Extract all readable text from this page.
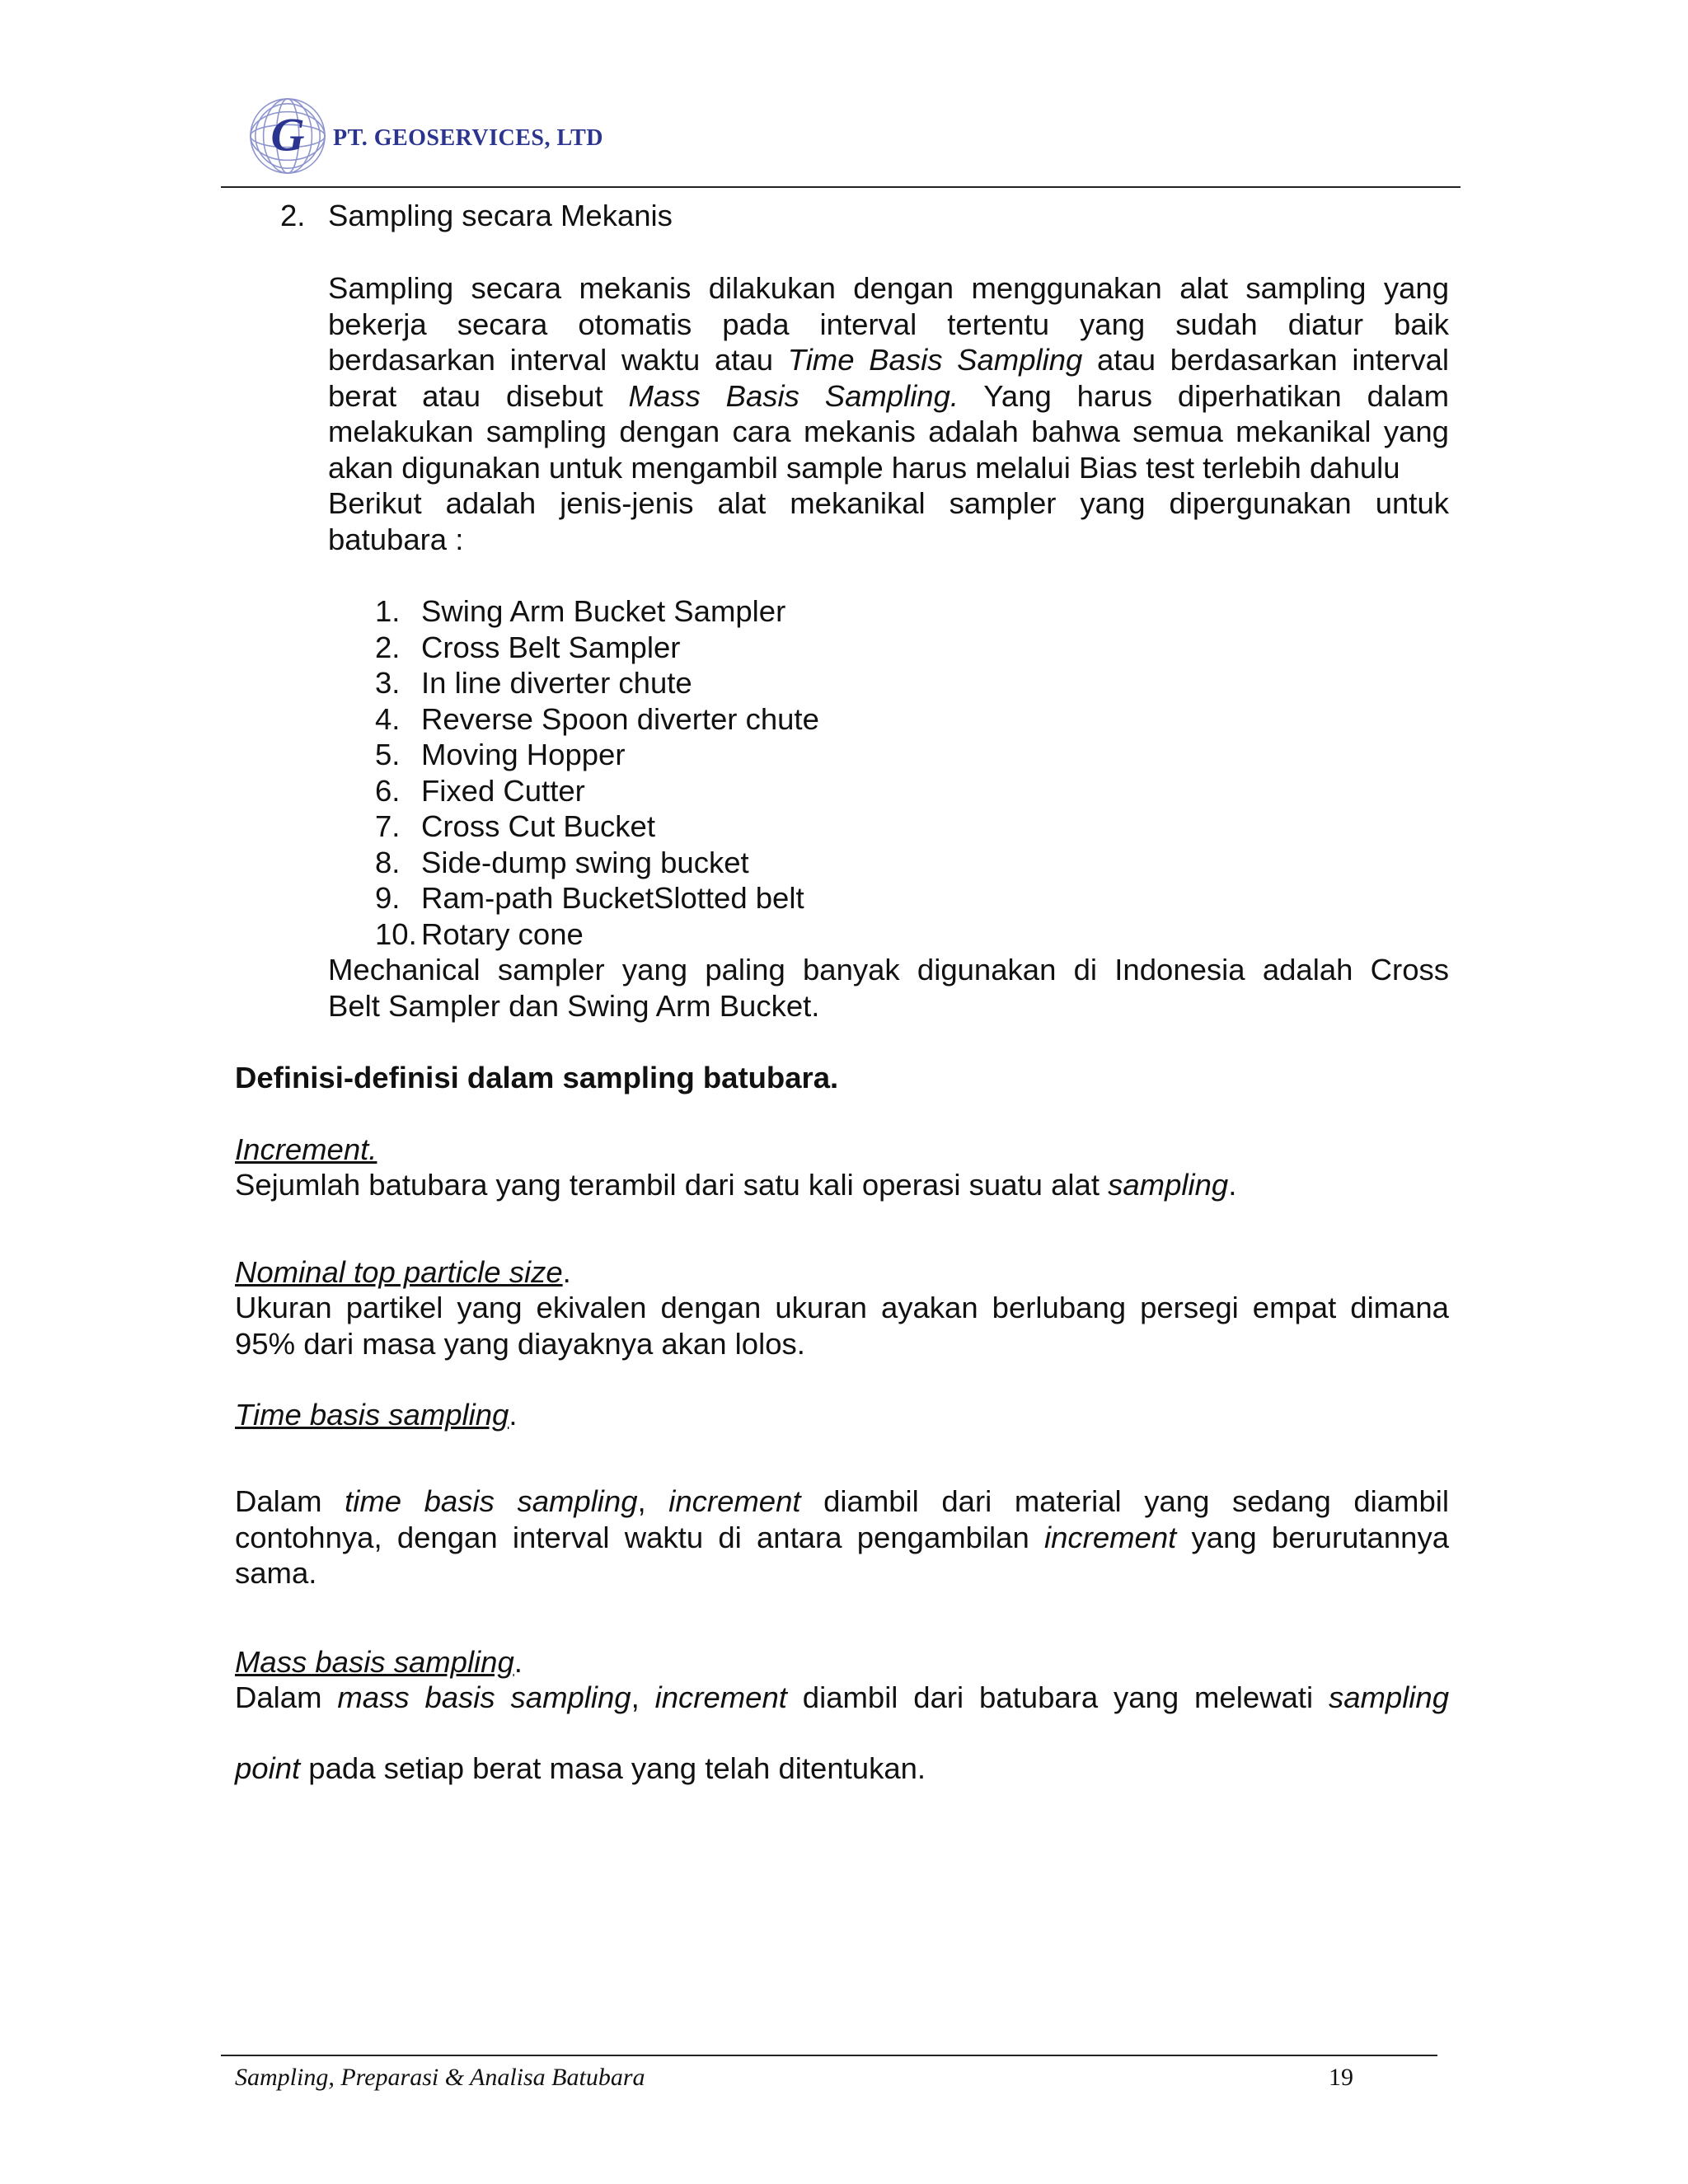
G PT. GEOSERVICES, LTD
2. Sampling secara Mekanis
Sampling secara mekanis dilakukan dengan menggunakan alat sampling yang
bekerja secara otomatis pada interval tertentu yang sudah diatur baik
berdasarkan interval waktu atau Time Basis Sampling atau berdasarkan interval
berat atau disebut Mass Basis Sampling. Yang harus diperhatikan dalam
melakukan sampling dengan cara mekanis adalah bahwa semua mekanikal yang
akan digunakan untuk mengambil sample harus melalui Bias test terlebih dahulu
Berikut adalah jenis-jenis alat mekanikal sampler yang dipergunakan untuk
batubara :
1. Swing Arm Bucket Sampler
2. Cross Belt Sampler
3. In line diverter chute
4. Reverse Spoon diverter chute
5. Moving Hopper
6. Fixed Cutter
7. Cross Cut Bucket
8. Side-dump swing bucket
9. Ram-path BucketSlotted belt
10. Rotary cone
Mechanical sampler yang paling banyak digunakan di Indonesia adalah Cross
Belt Sampler dan Swing Arm Bucket.
Definisi-definisi dalam sampling batubara.
Increment.
Sejumlah batubara yang terambil dari satu kali operasi suatu alat sampling.
Nominal top particle size.
Ukuran partikel yang ekivalen dengan ukuran ayakan berlubang persegi empat dimana
95% dari masa yang diayaknya akan lolos.
Time basis sampling.
Dalam time basis sampling, increment diambil dari material yang sedang diambil
contohnya, dengan interval waktu di antara pengambilan increment yang berurutannya
sama.
Mass basis sampling.
Dalam mass basis sampling, increment diambil dari batubara yang melewati sampling
point pada setiap berat masa yang telah ditentukan.
Sampling, Preparasi & Analisa Batubara	19
